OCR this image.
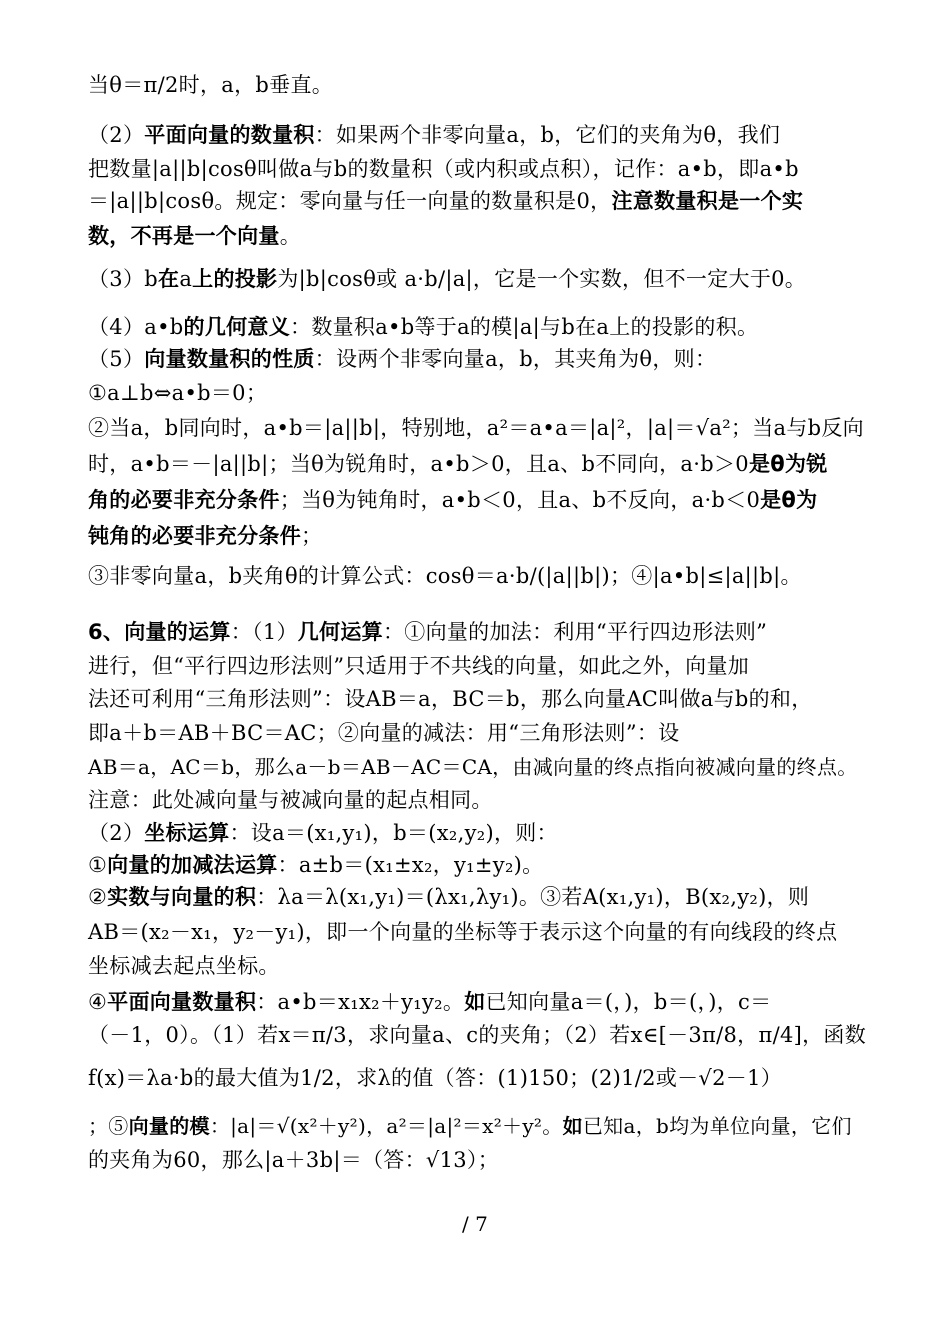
当θ＝π/2时，a，b垂直。
（2）平面向量的数量积：如果两个非零向量a，b，它们的夹角为θ，我们
把数量|a||b|cosθ叫做a与b的数量积（或内积或点积），记作：a•b，即a•b
＝|a||b|cosθ。规定：零向量与任一向量的数量积是0，注意数量积是一个实
数，不再是一个向量。
（3）b在a上的投影为|b|cosθ或 a·b/|a|，它是一个实数，但不一定大于0。
（4）a•b的几何意义：数量积a•b等于a的模|a|与b在a上的投影的积。
（5）向量数量积的性质：设两个非零向量a，b，其夹角为θ，则：
①a⊥b⇔a•b＝0；
②当a，b同向时，a•b＝|a||b|，特别地，a²＝a•a＝|a|²，|a|＝√a²；当a与b反向
时，a•b＝－|a||b|；当θ为锐角时，a•b＞0，且a、b不同向，a·b＞0是θ为锐
角的必要非充分条件；当θ为钝角时，a•b＜0，且a、b不反向，a·b＜0是θ为
钝角的必要非充分条件；
③非零向量a，b夹角θ的计算公式：cosθ＝a·b/(|a||b|)；④|a•b|≤|a||b|。
6、向量的运算：（1）几何运算：①向量的加法：利用“平行四边形法则”
进行，但“平行四边形法则”只适用于不共线的向量，如此之外，向量加
法还可利用“三角形法则”：设AB＝a，BC＝b，那么向量AC叫做a与b的和，
即a＋b＝AB＋BC＝AC；②向量的减法：用“三角形法则”：设
AB＝a，AC＝b，那么a－b＝AB－AC＝CA，由减向量的终点指向被减向量的终点。
注意：此处减向量与被减向量的起点相同。
（2）坐标运算：设a＝(x₁,y₁)，b＝(x₂,y₂)，则：
①向量的加减法运算：a±b＝(x₁±x₂，y₁±y₂)。
②实数与向量的积：λa＝λ(x₁,y₁)＝(λx₁,λy₁)。③若A(x₁,y₁)，B(x₂,y₂)，则
AB＝(x₂－x₁，y₂－y₁)，即一个向量的坐标等于表示这个向量的有向线段的终点
坐标减去起点坐标。
④平面向量数量积：a•b＝x₁x₂＋y₁y₂。如已知向量a＝(，)，b＝(，)，c＝
（－1，0）。（1）若x＝π/3，求向量a、c的夹角；（2）若x∈[－3π/8，π/4]，函数
f(x)＝λa·b的最大值为1/2，求λ的值（答：(1)150；(2)1/2或－√2－1）
；⑤向量的模：|a|＝√(x²＋y²)，a²＝|a|²＝x²＋y²。如已知a，b均为单位向量，它们
的夹角为60，那么|a＋3b|＝（答：√13）；
/ 7
